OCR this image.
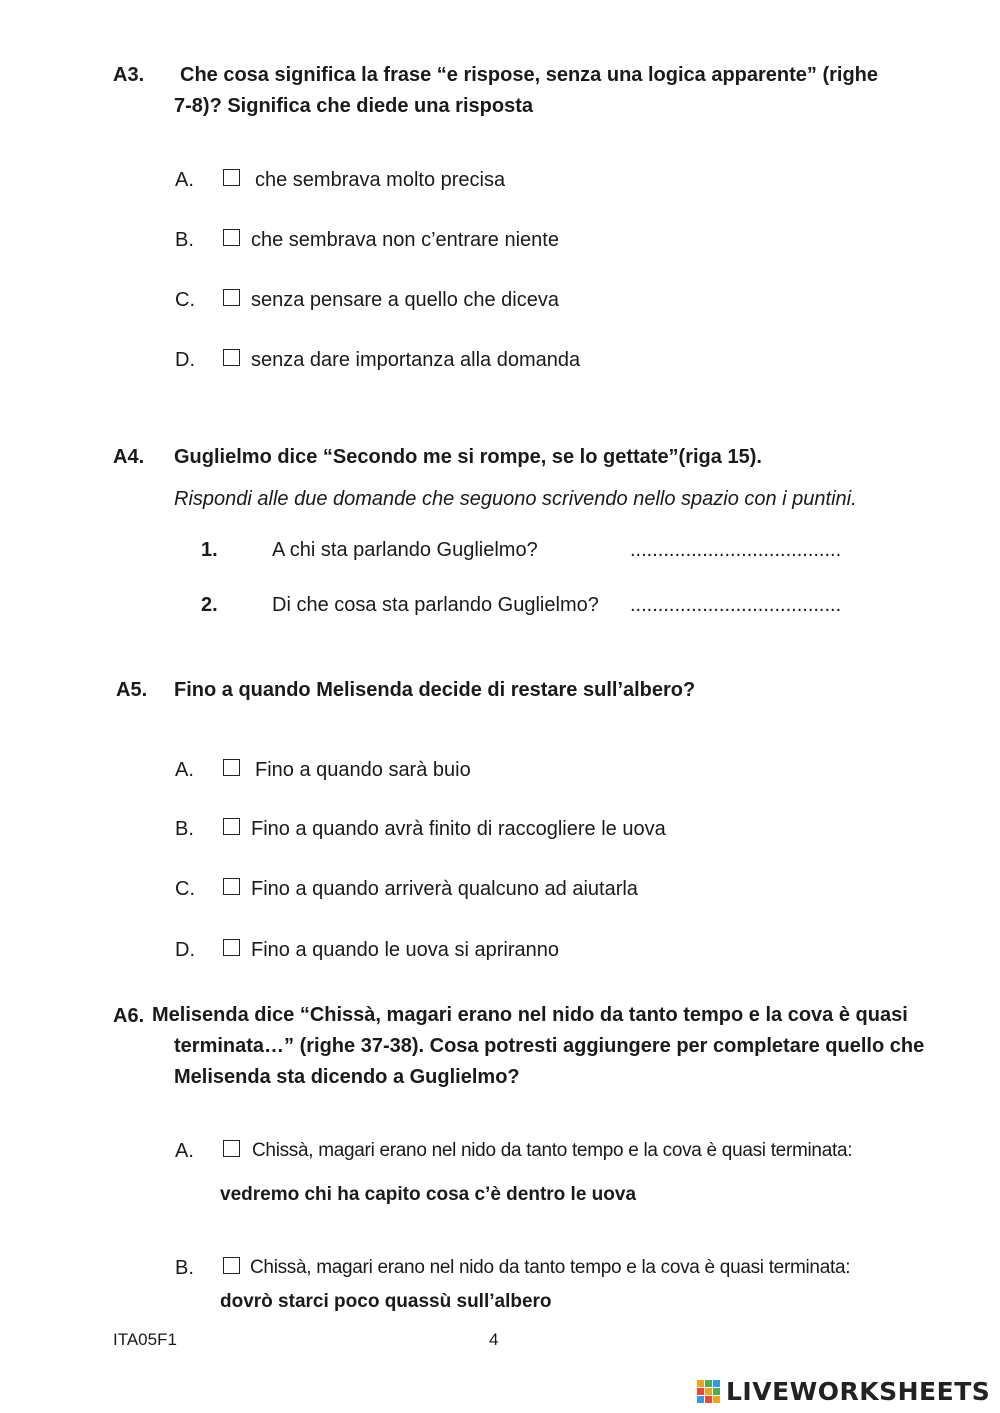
A3. Che cosa significa la frase “e rispose, senza una logica apparente” (righe
7-8)? Significa che diede una risposta
A.	che sembrava molto precisa
B.	che sembrava non c’entrare niente
C.	senza pensare a quello che diceva
D.	senza dare importanza alla domanda
A4. Guglielmo dice “Secondo me si rompe, se lo gettate”(riga 15).
Rispondi alle due domande che seguono scrivendo nello spazio con i puntini.
1.	A chi sta parlando Guglielmo?	......................................
2.	Di che cosa sta parlando Guglielmo? ......................................
A5. Fino a quando Melisenda decide di restare sull’albero?
A.	Fino a quando sarà buio
B.	Fino a quando avrà finito di raccogliere le uova
C.	Fino a quando arriverà qualcuno ad aiutarla
D.	Fino a quando le uova si apriranno
A6. Melisenda dice “Chissà, magari erano nel nido da tanto tempo e la cova è quasi
terminata…” (righe 37-38). Cosa potresti aggiungere per completare quello che
Melisenda sta dicendo a Guglielmo?
A.	Chissà, magari erano nel nido da tanto tempo e la cova è quasi terminata:
vedremo chi ha capito cosa c’è dentro le uova
B.	Chissà, magari erano nel nido da tanto tempo e la cova è quasi terminata:
dovrò starci poco quassù sull’albero
ITA05F1	4
LIVEWORKSHEETS
